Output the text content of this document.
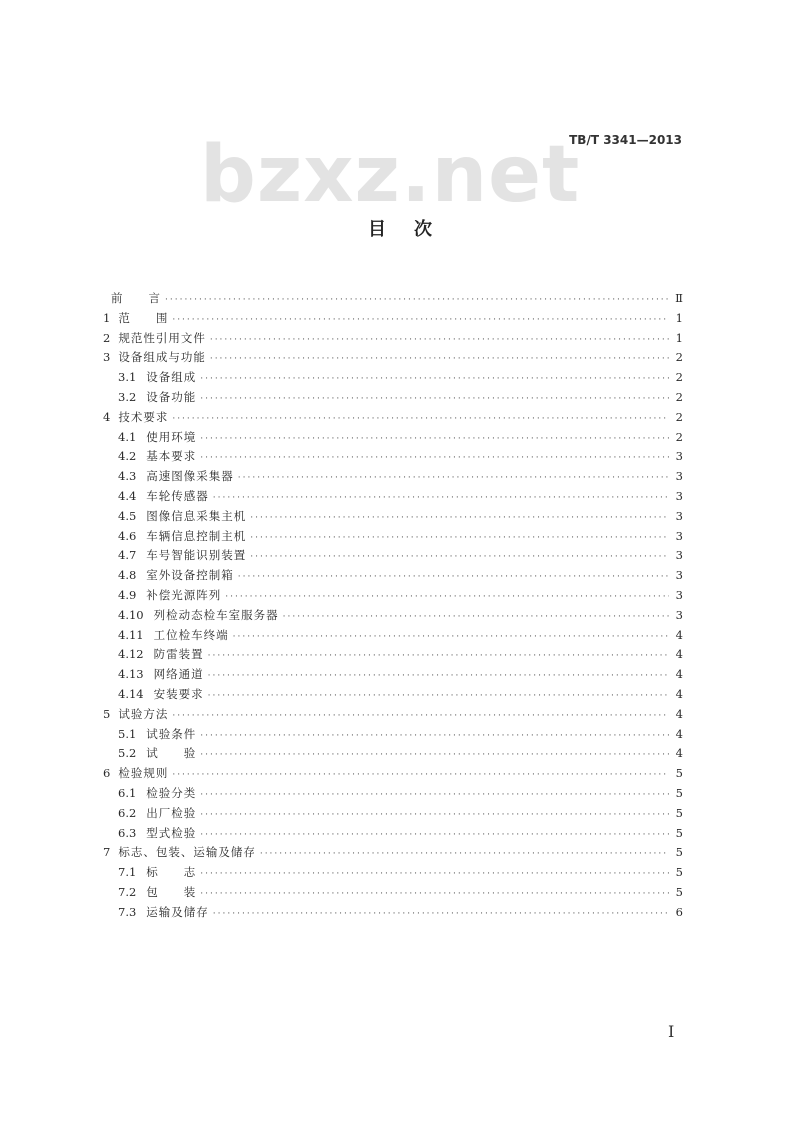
bzxz.net
TB/T 3341—2013
目次
前　　言 ·····	Ⅱ
1 范　　围 ·····	1
2 规范性引用文件 ·····	1
3 设备组成与功能 ·····	2
3.1 设备组成 ·····	2
3.2 设备功能 ·····	2
4 技术要求 ·····	2
4.1 使用环境 ·····	2
4.2 基本要求 ·····	3
4.3 高速图像采集器 ·····	3
4.4 车轮传感器 ·····	3
4.5 图像信息采集主机 ·····	3
4.6 车辆信息控制主机 ·····	3
4.7 车号智能识别装置 ·····	3
4.8 室外设备控制箱 ·····	3
4.9 补偿光源阵列 ·····	3
4.10 列检动态检车室服务器 ·····	3
4.11 工位检车终端 ·····	4
4.12 防雷装置 ·····	4
4.13 网络通道 ·····	4
4.14 安装要求 ·····	4
5 试验方法 ·····	4
5.1 试验条件 ·····	4
5.2 试　　验 ·····	4
6 检验规则 ·····	5
6.1 检验分类 ·····	5
6.2 出厂检验 ·····	5
6.3 型式检验 ·····	5
7 标志、包装、运输及储存 ·····	5
7.1 标　　志 ·····	5
7.2 包　　装 ·····	5
7.3 运输及储存 ·····	6
Ⅰ
